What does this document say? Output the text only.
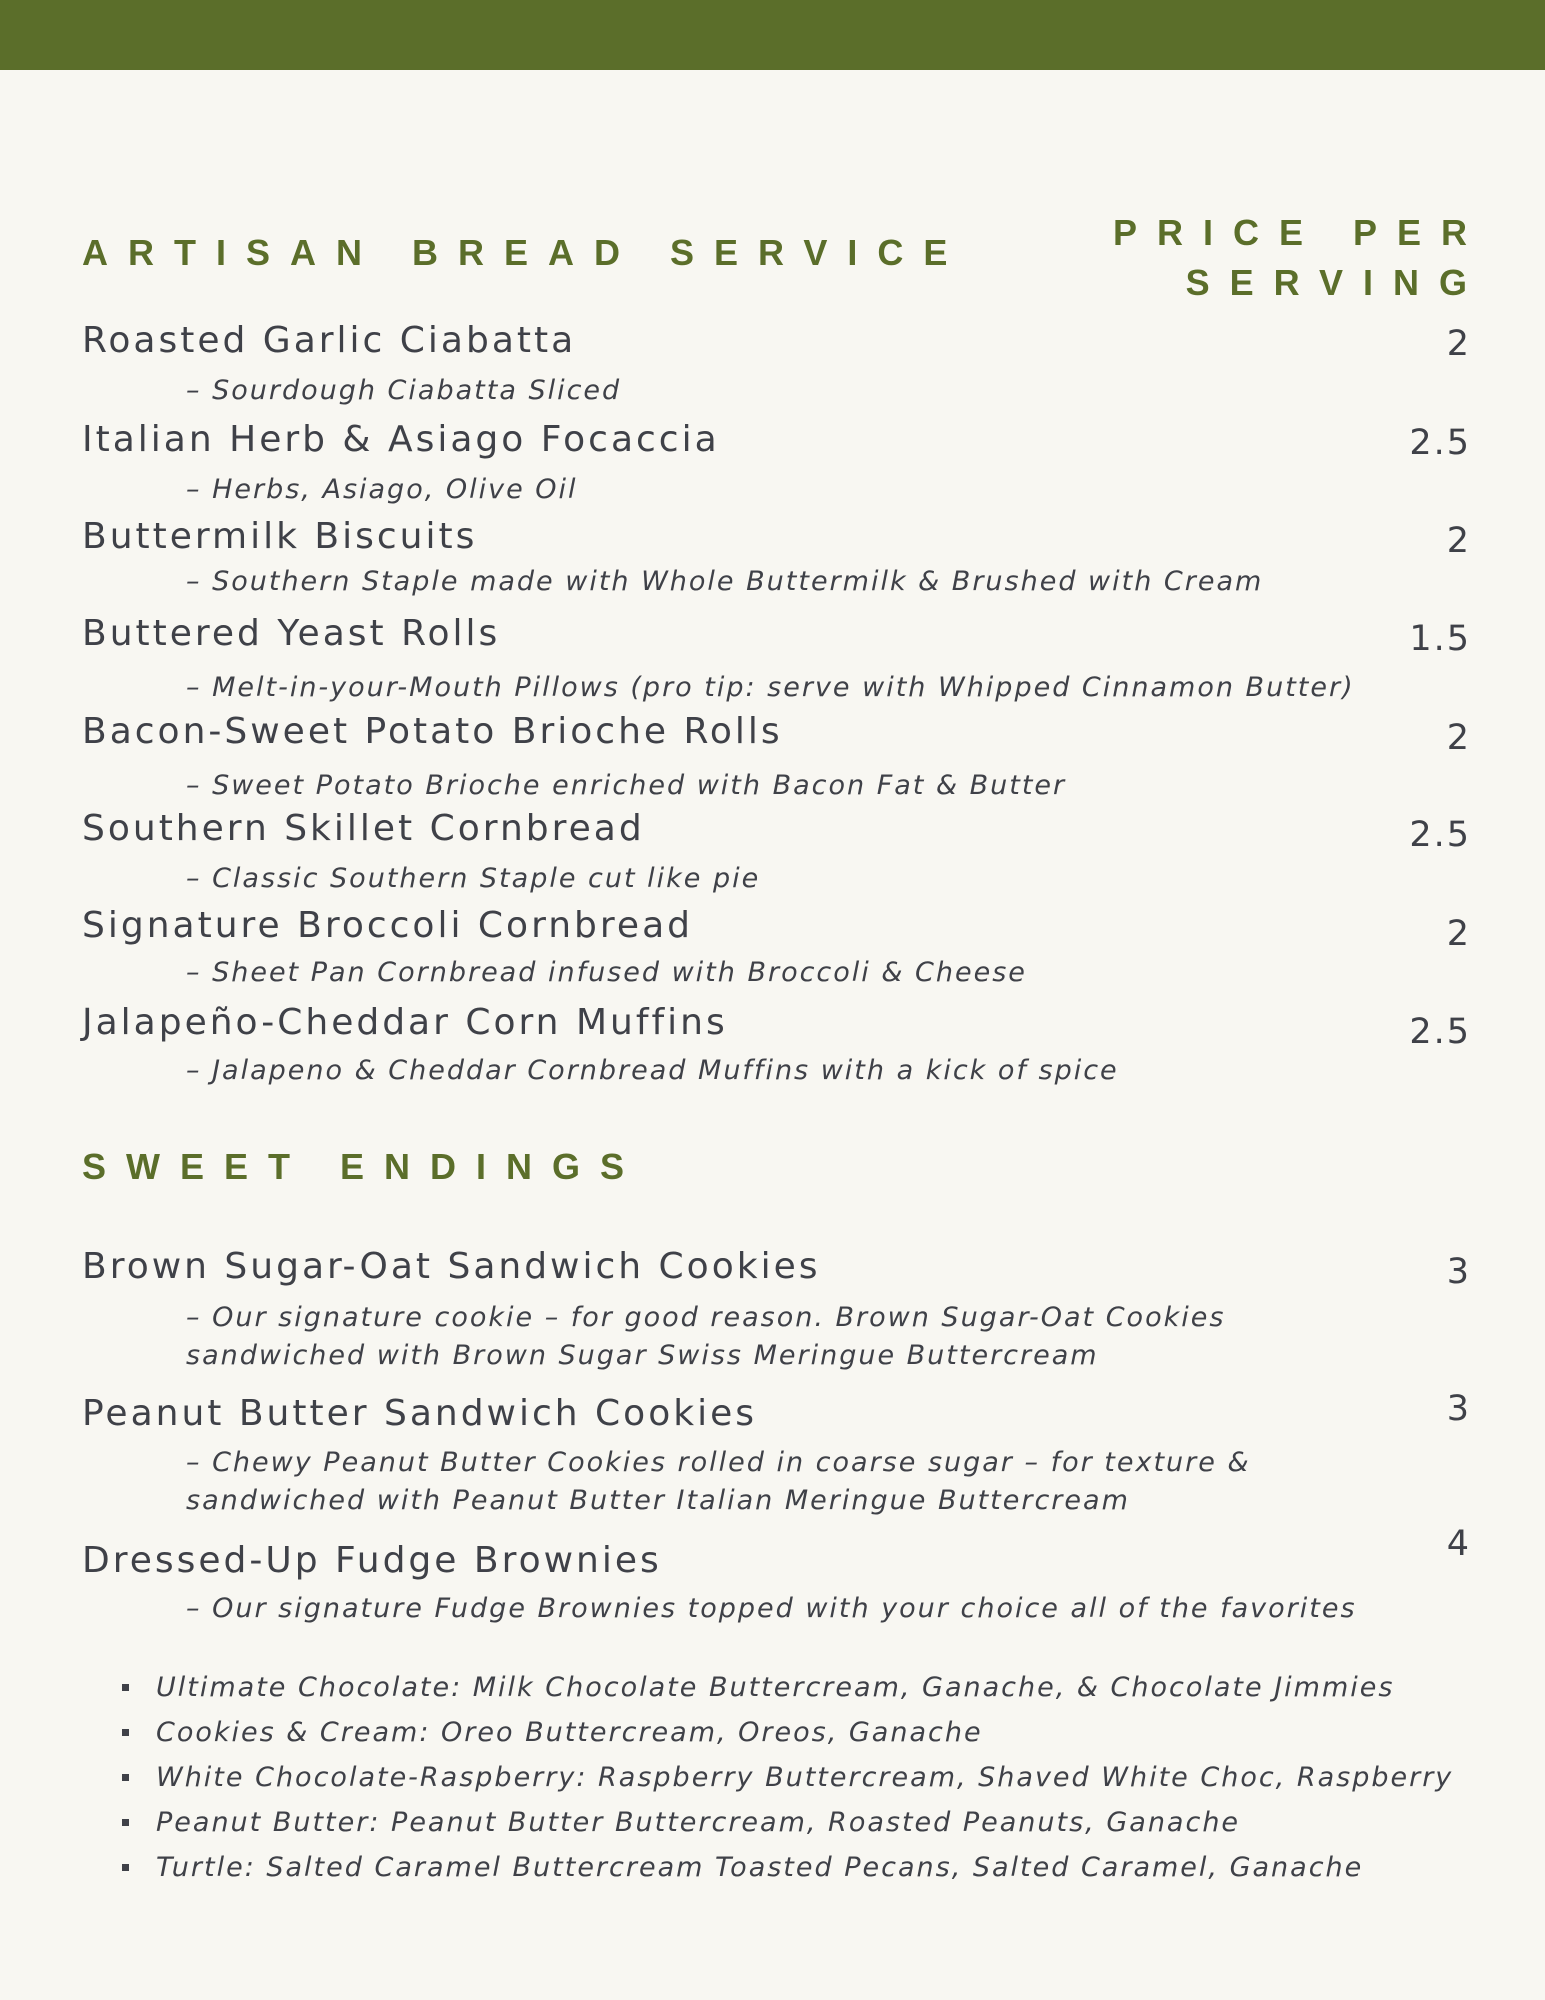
ARTISAN BREAD SERVICE	PRICE PER
SERVING
Roasted Garlic Ciabatta	2
– Sourdough Ciabatta Sliced
Italian Herb & Asiago Focaccia	2.5
– Herbs, Asiago, Olive Oil
Buttermilk Biscuits	2
– Southern Staple made with Whole Buttermilk & Brushed with Cream
Buttered Yeast Rolls	1.5
– Melt-in-your-Mouth Pillows (pro tip: serve with Whipped Cinnamon Butter)
Bacon-Sweet Potato Brioche Rolls	2
– Sweet Potato Brioche enriched with Bacon Fat & Butter
Southern Skillet Cornbread	2.5
– Classic Southern Staple cut like pie
Signature Broccoli Cornbread	2
– Sheet Pan Cornbread infused with Broccoli & Cheese
Jalapeño-Cheddar Corn Muffins	2.5
– Jalapeno & Cheddar Cornbread Muffins with a kick of spice
SWEET ENDINGS
Brown Sugar-Oat Sandwich Cookies	3
– Our signature cookie – for good reason. Brown Sugar-Oat Cookies
sandwiched with Brown Sugar Swiss Meringue Buttercream
Peanut Butter Sandwich Cookies	3
– Chewy Peanut Butter Cookies rolled in coarse sugar – for texture &
sandwiched with Peanut Butter Italian Meringue Buttercream
Dressed-Up Fudge Brownies	4
– Our signature Fudge Brownies topped with your choice all of the favorites
Ultimate Chocolate: Milk Chocolate Buttercream, Ganache, & Chocolate Jimmies
Cookies & Cream: Oreo Buttercream, Oreos, Ganache
White Chocolate-Raspberry: Raspberry Buttercream, Shaved White Choc, Raspberry
Peanut Butter: Peanut Butter Buttercream, Roasted Peanuts, Ganache
Turtle: Salted Caramel Buttercream Toasted Pecans, Salted Caramel, Ganache
